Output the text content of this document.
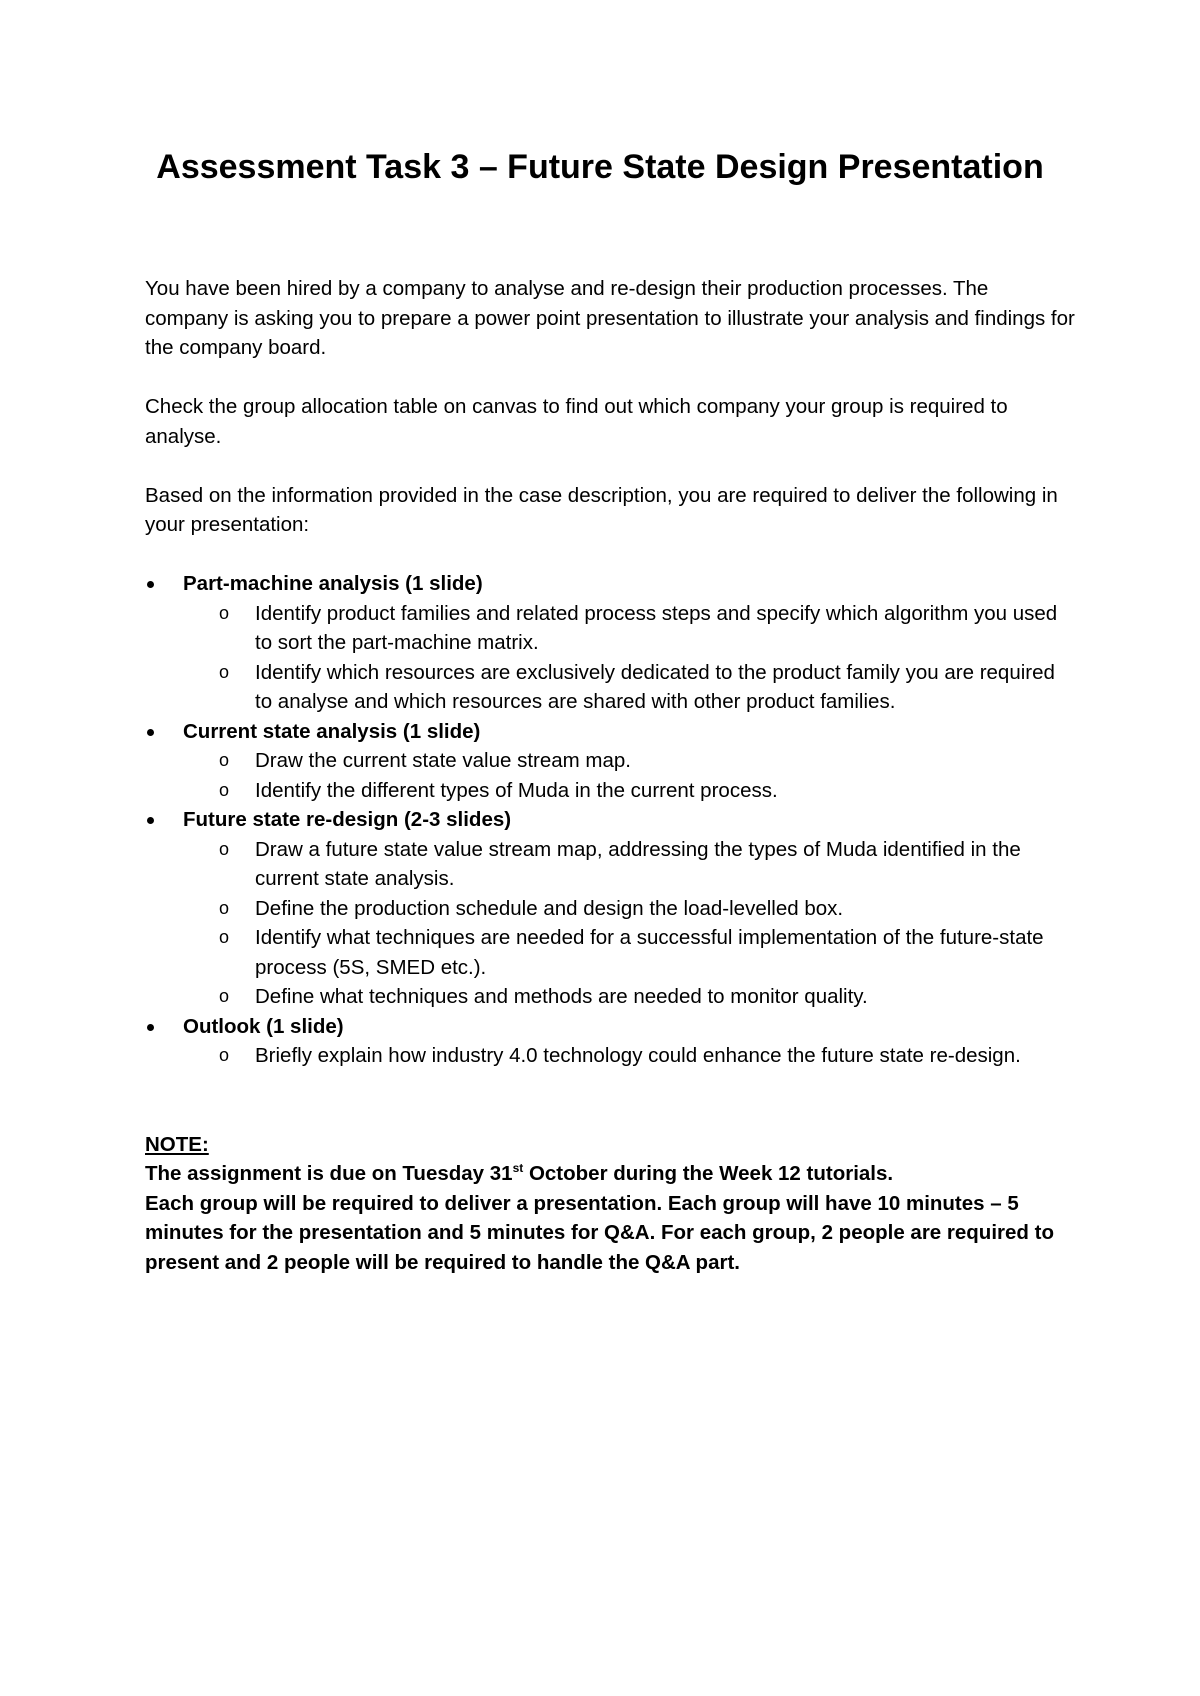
Assessment Task 3 – Future State Design Presentation

You have been hired by a company to analyse and re-design their production processes. The company is asking you to prepare a power point presentation to illustrate your analysis and findings for the company board.

Check the group allocation table on canvas to find out which company your group is required to analyse.

Based on the information provided in the case description, you are required to deliver the following in your presentation:

Part-machine analysis (1 slide)
o Identify product families and related process steps and specify which algorithm you used to sort the part-machine matrix.
o Identify which resources are exclusively dedicated to the product family you are required to analyse and which resources are shared with other product families.
Current state analysis (1 slide)
o Draw the current state value stream map.
o Identify the different types of Muda in the current process.
Future state re-design (2-3 slides)
o Draw a future state value stream map, addressing the types of Muda identified in the current state analysis.
o Define the production schedule and design the load-levelled box.
o Identify what techniques are needed for a successful implementation of the future-state process (5S, SMED etc.).
o Define what techniques and methods are needed to monitor quality.
Outlook (1 slide)
o Briefly explain how industry 4.0 technology could enhance the future state re-design.
NOTE:
The assignment is due on Tuesday 31st October during the Week 12 tutorials.
Each group will be required to deliver a presentation. Each group will have 10 minutes – 5 minutes for the presentation and 5 minutes for Q&A. For each group, 2 people are required to present and 2 people will be required to handle the Q&A part.
